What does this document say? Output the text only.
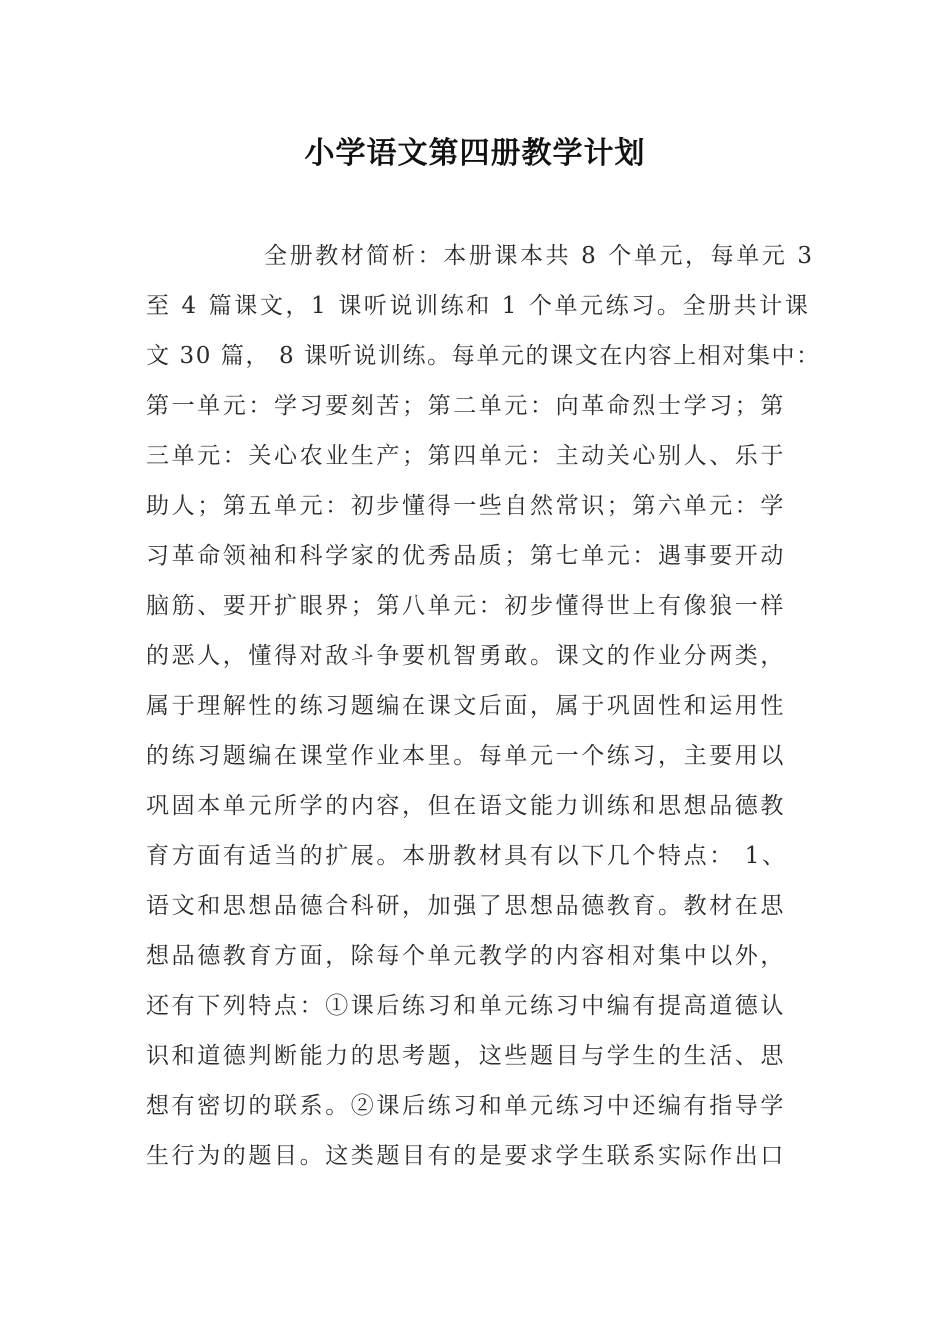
小学语文第四册教学计划
全册教材简析：本册课本共 8 个单元，每单元 3
至 4 篇课文，1 课听说训练和 1 个单元练习。全册共计课
文 30 篇， 8 课听说训练。每单元的课文在内容上相对集中：
第一单元：学习要刻苦；第二单元：向革命烈士学习；第
三单元：关心农业生产；第四单元：主动关心别人、乐于
助人；第五单元：初步懂得一些自然常识；第六单元：学
习革命领袖和科学家的优秀品质；第七单元：遇事要开动
脑筋、要开扩眼界；第八单元：初步懂得世上有像狼一样
的恶人，懂得对敌斗争要机智勇敢。课文的作业分两类，
属于理解性的练习题编在课文后面，属于巩固性和运用性
的练习题编在课堂作业本里。每单元一个练习，主要用以
巩固本单元所学的内容，但在语文能力训练和思想品德教
育方面有适当的扩展。本册教材具有以下几个特点： 1、
语文和思想品德合科研，加强了思想品德教育。教材在思
想品德教育方面，除每个单元教学的内容相对集中以外，
还有下列特点：①课后练习和单元练习中编有提高道德认
识和道德判断能力的思考题，这些题目与学生的生活、思
想有密切的联系。②课后练习和单元练习中还编有指导学
生行为的题目。这类题目有的是要求学生联系实际作出口
